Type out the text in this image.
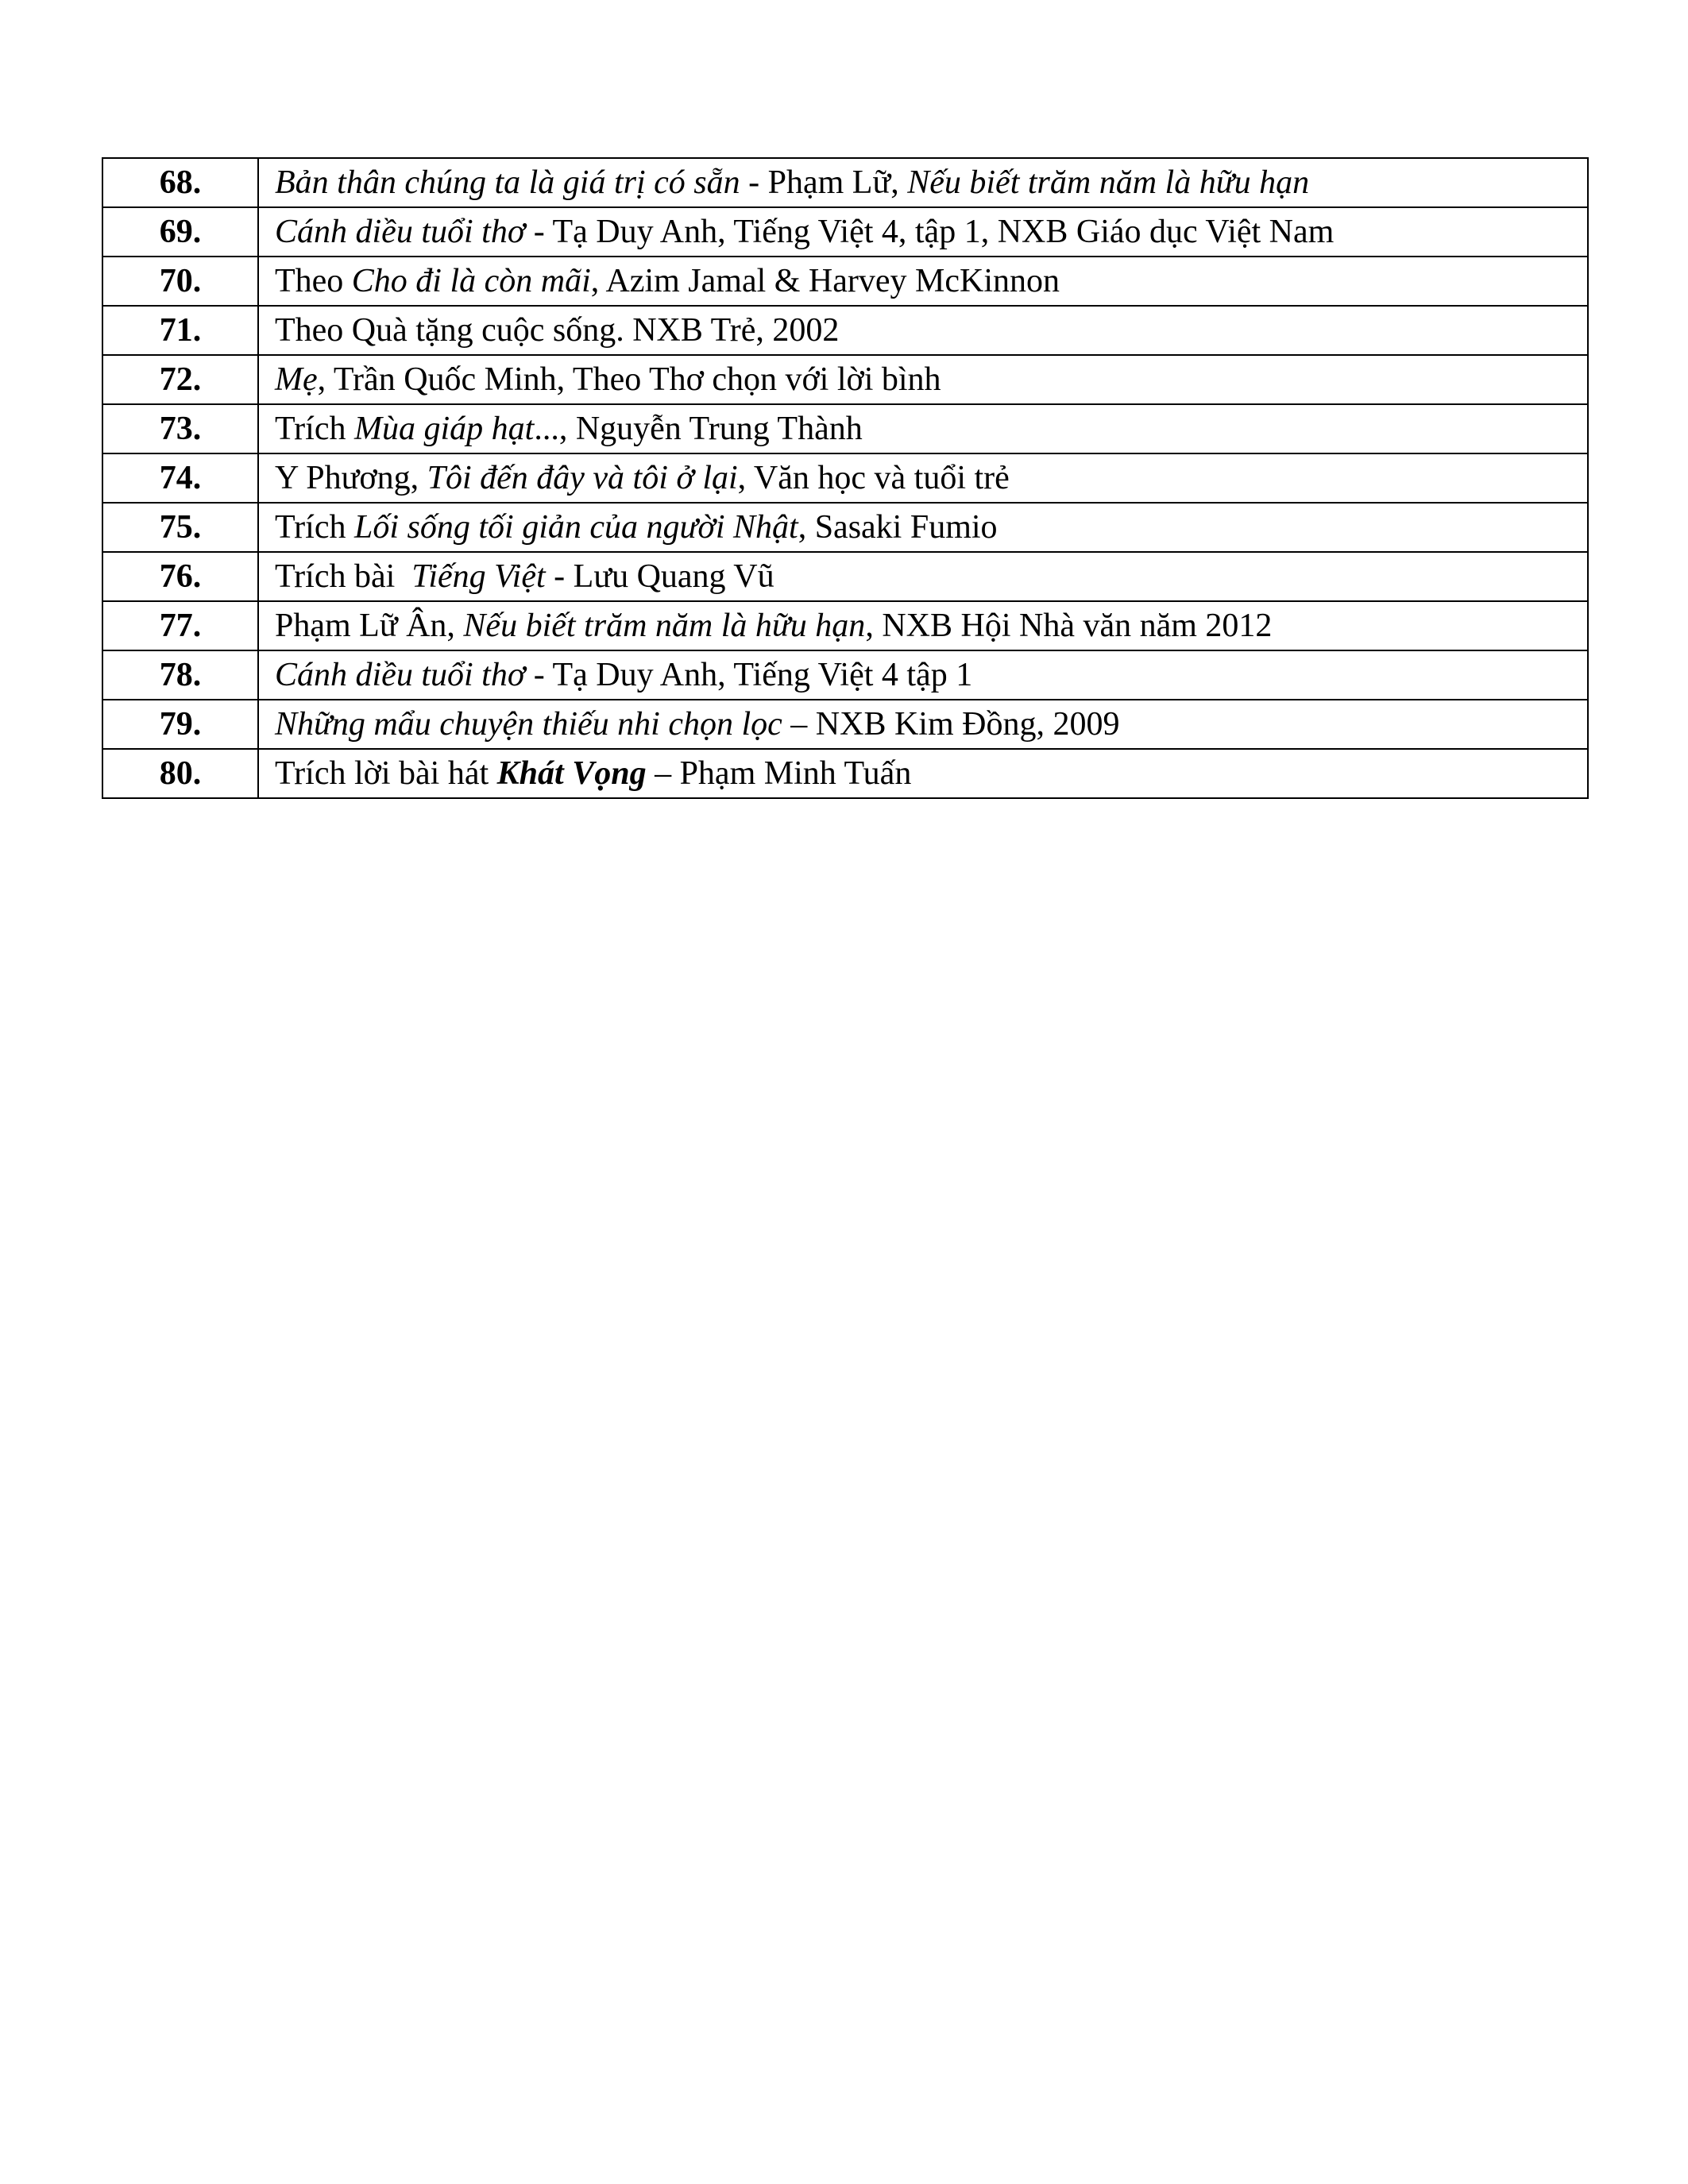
68.	Bản thân chúng ta là giá trị có sẵn - Phạm Lữ, Nếu biết trăm năm là hữu hạn
69.	Cánh diều tuổi thơ - Tạ Duy Anh, Tiếng Việt 4, tập 1, NXB Giáo dục Việt Nam
70.	Theo Cho đi là còn mãi, Azim Jamal & Harvey McKinnon
71.	Theo Quà tặng cuộc sống. NXB Trẻ, 2002
72.	Mẹ, Trần Quốc Minh, Theo Thơ chọn với lời bình
73.	Trích Mùa giáp hạt..., Nguyễn Trung Thành
74.	Y Phương, Tôi đến đây và tôi ở lại, Văn học và tuổi trẻ
75.	Trích Lối sống tối giản của người Nhật, Sasaki Fumio
76.	Trích bài  Tiếng Việt - Lưu Quang Vũ
77.	Phạm Lữ Ân, Nếu biết trăm năm là hữu hạn, NXB Hội Nhà văn năm 2012
78.	Cánh diều tuổi thơ - Tạ Duy Anh, Tiếng Việt 4 tập 1
79.	Những mẩu chuyện thiếu nhi chọn lọc – NXB Kim Đồng, 2009
80.	Trích lời bài hát Khát Vọng – Phạm Minh Tuấn
